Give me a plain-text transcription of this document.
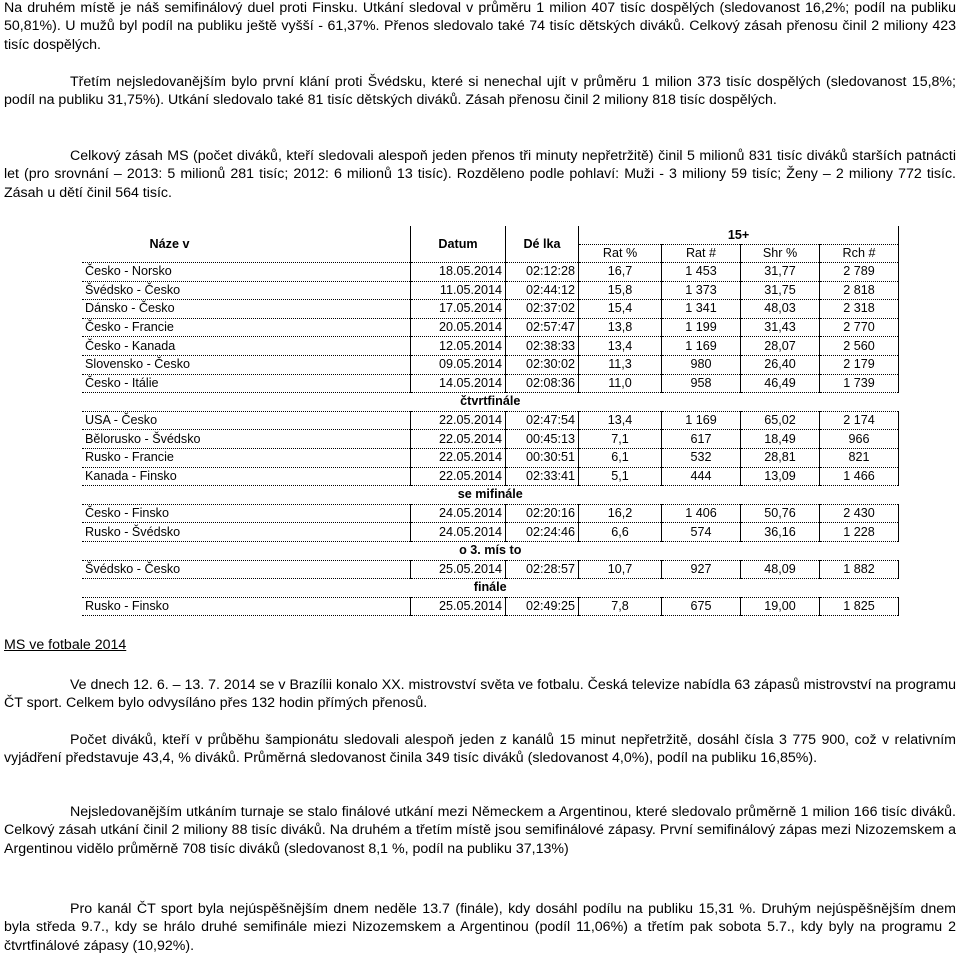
Na druhém místě je náš semifinálový duel proti Finsku. Utkání sledoval v průměru 1 milion 407 tisíc dospělých (sledovanost 16,2%; podíl na publiku 50,81%). U mužů byl podíl na publiku ještě vyšší - 61,37%. Přenos sledovalo také 74 tisíc dětských diváků. Celkový zásah přenosu činil 2 miliony 423 tisíc dospělých.

Třetím nejsledovanějším bylo první klání proti Švédsku, které si nenechal ujít v průměru 1 milion 373 tisíc dospělých (sledovanost 15,8%; podíl na publiku 31,75%). Utkání sledovalo také 81 tisíc dětských diváků. Zásah přenosu činil 2 miliony 818 tisíc dospělých.

Celkový zásah MS (počet diváků, kteří sledovali alespoň jeden přenos tři minuty nepřetržitě) činil 5 milionů 831 tisíc diváků starších patnácti let (pro srovnání – 2013: 5 milionů 281 tisíc; 2012: 6 milionů 13 tisíc). Rozděleno podle pohlaví: Muži - 3 miliony 59 tisíc; Ženy – 2 miliony 772 tisíc. Zásah u dětí činil 564 tisíc.

Náze v	Datum	Dé lka	15+			
			Rat %	Rat #	Shr %	Rch #
Česko - Norsko	18.05.2014	02:12:28	16,7	1 453	31,77	2 789
Švédsko - Česko	11.05.2014	02:44:12	15,8	1 373	31,75	2 818
Dánsko - Česko	17.05.2014	02:37:02	15,4	1 341	48,03	2 318
Česko - Francie	20.05.2014	02:57:47	13,8	1 199	31,43	2 770
Česko - Kanada	12.05.2014	02:38:33	13,4	1 169	28,07	2 560
Slovensko - Česko	09.05.2014	02:30:02	11,3	980	26,40	2 179
Česko - Itálie	14.05.2014	02:08:36	11,0	958	46,49	1 739
čtvrtfinále						
USA - Česko	22.05.2014	02:47:54	13,4	1 169	65,02	2 174
Bělorusko - Švédsko	22.05.2014	00:45:13	7,1	617	18,49	966
Rusko - Francie	22.05.2014	00:30:51	6,1	532	28,81	821
Kanada - Finsko	22.05.2014	02:33:41	5,1	444	13,09	1 466
se mifinále						
Česko - Finsko	24.05.2014	02:20:16	16,2	1 406	50,76	2 430
Rusko - Švédsko	24.05.2014	02:24:46	6,6	574	36,16	1 228
o 3. mís to						
Švédsko - Česko	25.05.2014	02:28:57	10,7	927	48,09	1 882
finále						
Rusko - Finsko	25.05.2014	02:49:25	7,8	675	19,00	1 825

MS ve fotbale 2014

Ve dnech 12. 6. – 13. 7. 2014 se v Brazílii konalo XX. mistrovství světa ve fotbalu. Česká televize nabídla 63 zápasů mistrovství na programu ČT sport. Celkem bylo odvysíláno přes 132 hodin přímých přenosů.

Počet diváků, kteří v průběhu šampionátu sledovali alespoň jeden z kanálů 15 minut nepřetržitě, dosáhl čísla 3 775 900, což v relativním vyjádření představuje 43,4, % diváků. Průměrná sledovanost činila 349 tisíc diváků (sledovanost 4,0%), podíl na publiku 16,85%).

Nejsledovanějším utkáním turnaje se stalo finálové utkání mezi Německem a Argentinou, které sledovalo průměrně 1 milion 166 tisíc diváků. Celkový zásah utkání činil 2 miliony 88 tisíc diváků. Na druhém a třetím místě jsou semifinálové zápasy. První semifinálový zápas mezi Nizozemskem a Argentinou vidělo průměrně 708 tisíc diváků (sledovanost 8,1 %, podíl na publiku 37,13%)

Pro kanál ČT sport byla nejúspěšnějším dnem neděle 13.7 (finále), kdy dosáhl podílu na publiku 15,31 %. Druhým nejúspěšnějším dnem byla středa 9.7., kdy se hrálo druhé semifinále miezi Nizozemskem a Argentinou (podíl 11,06%) a třetím pak sobota 5.7., kdy byly na programu 2 čtvrtfinálové zápasy (10,92%).
